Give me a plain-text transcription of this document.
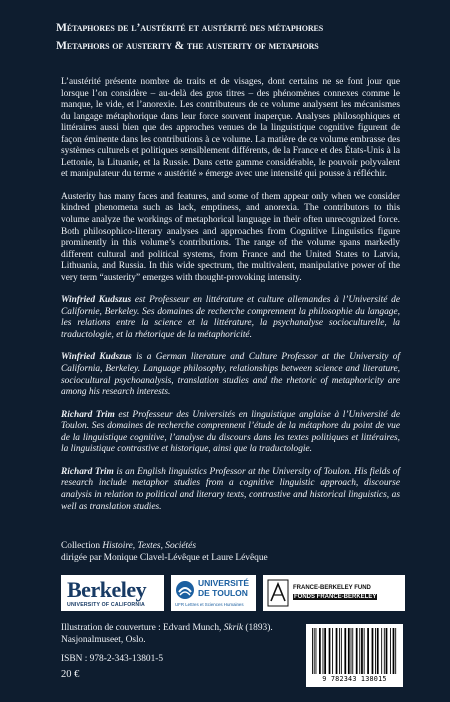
Métaphores de l’austérité et austérité des métaphores
Metaphors of austerity & the austerity of metaphors

L’austérité présente nombre de traits et de visages, dont certains ne se font jour que lorsque l’on considère – au-delà des gros titres – des phénomènes connexes comme le manque, le vide, et l’anorexie. Les contributeurs de ce volume analysent les mécanismes du langage métaphorique dans leur force souvent inaperçue. Analyses philosophiques et littéraires aussi bien que des approches venues de la linguistique cognitive figurent de façon éminente dans les contributions à ce volume. La matière de ce volume embrasse des systèmes culturels et politiques sensiblement différents, de la France et des États-Unis à la Lettonie, la Lituanie, et la Russie. Dans cette gamme considérable, le pouvoir polyvalent et manipulateur du terme « austérité » émerge avec une intensité qui pousse à réfléchir.

Austerity has many faces and features, and some of them appear only when we consider kindred phenomena such as lack, emptiness, and anorexia. The contributors to this volume analyze the workings of metaphorical language in their often unrecognized force. Both philosophico-literary analyses and approaches from Cognitive Linguistics figure prominently in this volume’s contributions. The range of the volume spans markedly different cultural and political systems, from France and the United States to Latvia, Lithuania, and Russia. In this wide spectrum, the multivalent, manipulative power of the very term “austerity” emerges with thought-provoking intensity.

Winfried Kudszus est Professeur en littérature et culture allemandes à l’Université de Californie, Berkeley. Ses domaines de recherche comprennent la philosophie du langage, les relations entre la science et la littérature, la psychanalyse socioculturelle, la traductologie, et la rhétorique de la métaphoricité.

Winfried Kudszus is a German literature and Culture Professor at the University of California, Berkeley. Language philosophy, relationships between science and literature, sociocultural psychoanalysis, translation studies and the rhetoric of metaphoricity are among his research interests.

Richard Trim est Professeur des Universités en linguistique anglaise à l’Université de Toulon. Ses domaines de recherche comprennent l’étude de la métaphore du point de vue de la linguistique cognitive, l’analyse du discours dans les textes politiques et littéraires, la linguistique contrastive et historique, ainsi que la traductologie.

Richard Trim is an English linguistics Professor at the University of Toulon. His fields of research include metaphor studies from a cognitive linguistic approach, discourse analysis in relation to political and literary texts, contrastive and historical linguistics, as well as translation studies.

Collection Histoire, Textes, Sociétés
dirigée par Monique Clavel-Lévêque et Laure Lévêque
Berkeley
UNIVERSITY OF CALIFORNIA
UNIVERSITÉ
DE TOULON
UFR Lettres et Sciences Humaines
FRANCE-BERKELEY FUND
FONDS FRANCE-BERKELEY
Illustration de couverture : Edvard Munch, Skrik (1893).
Nasjonalmuseet, Oslo.
ISBN : 978-2-343-13801-5
20 €	9 782343 138015
